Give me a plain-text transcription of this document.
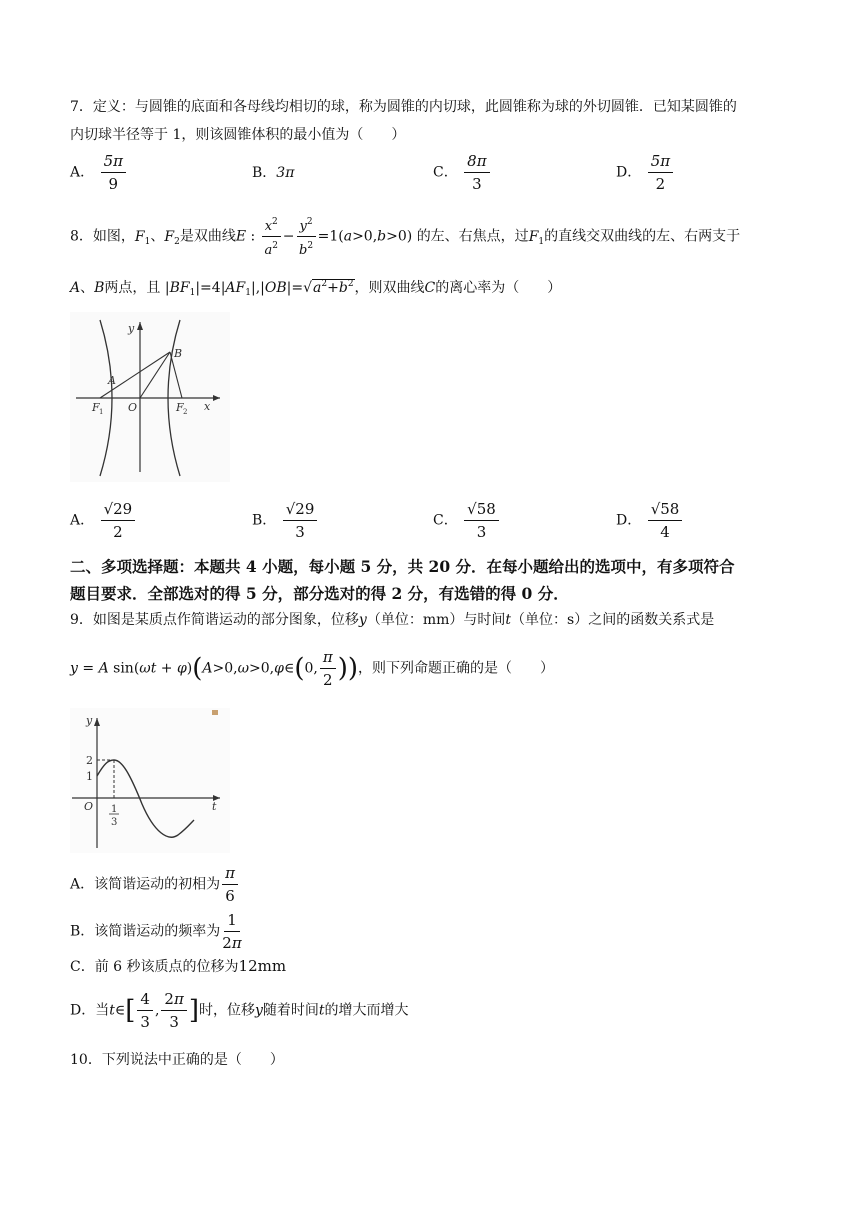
7．定义：与圆锥的底面和各母线均相切的球，称为圆锥的内切球，此圆锥称为球的外切圆锥．已知某圆锥的
内切球半径等于 1，则该圆锥体积的最小值为（　　）
A． $\frac{5\pi}{9}$	B．3π	C． $\frac{8\pi}{3}$	D． $\frac{5\pi}{2}$
8．如图，$F_1$、$F_2$是双曲线E : $\frac{x^2}{a^2} - \frac{y^2}{b^2} =1(a>0,b>0)$ 的左、右焦点，过$F_1$的直线交双曲线的左、右两支于
A、B两点，且 $|BF_1|=4|AF_1|,|OB|=√a^2+b^2$，则双曲线C的离心率为（　　）
y
x
A
B
O
F 1	F 2
A． $\frac{√29}{2}$	B． $\frac{√29}{3}$	C． $\frac{√58}{3}$	D． $\frac{√58}{4}$
二、多项选择题：本题共 4 小题，每小题 5 分，共 20 分．在每小题给出的选项中，有多项符合
题目要求．全部选对的得 5 分，部分选对的得 2 分，有选错的得 0 分．
9．如图是某质点作简谐运动的部分图象，位移y（单位：mm）与时间t（单位：s）之间的函数关系式是
y = A sin(ωt + φ)(A>0,ω>0,φ∈(0, $\frac{\pi}{2}$ ))，则下列命题正确的是（　　）
y
t
O
2
1
1
3
A．该简谐运动的初相为 $\frac{\pi}{6}$
B．该简谐运动的频率为 $\frac{1}{2\pi}$
C．前 6 秒该质点的位移为12mm
D．当t∈[ $\frac{4}{3}$ , $\frac{2\pi}{3}$ ]时，位移y随着时间t的增大而增大
10．下列说法中正确的是（　　）
